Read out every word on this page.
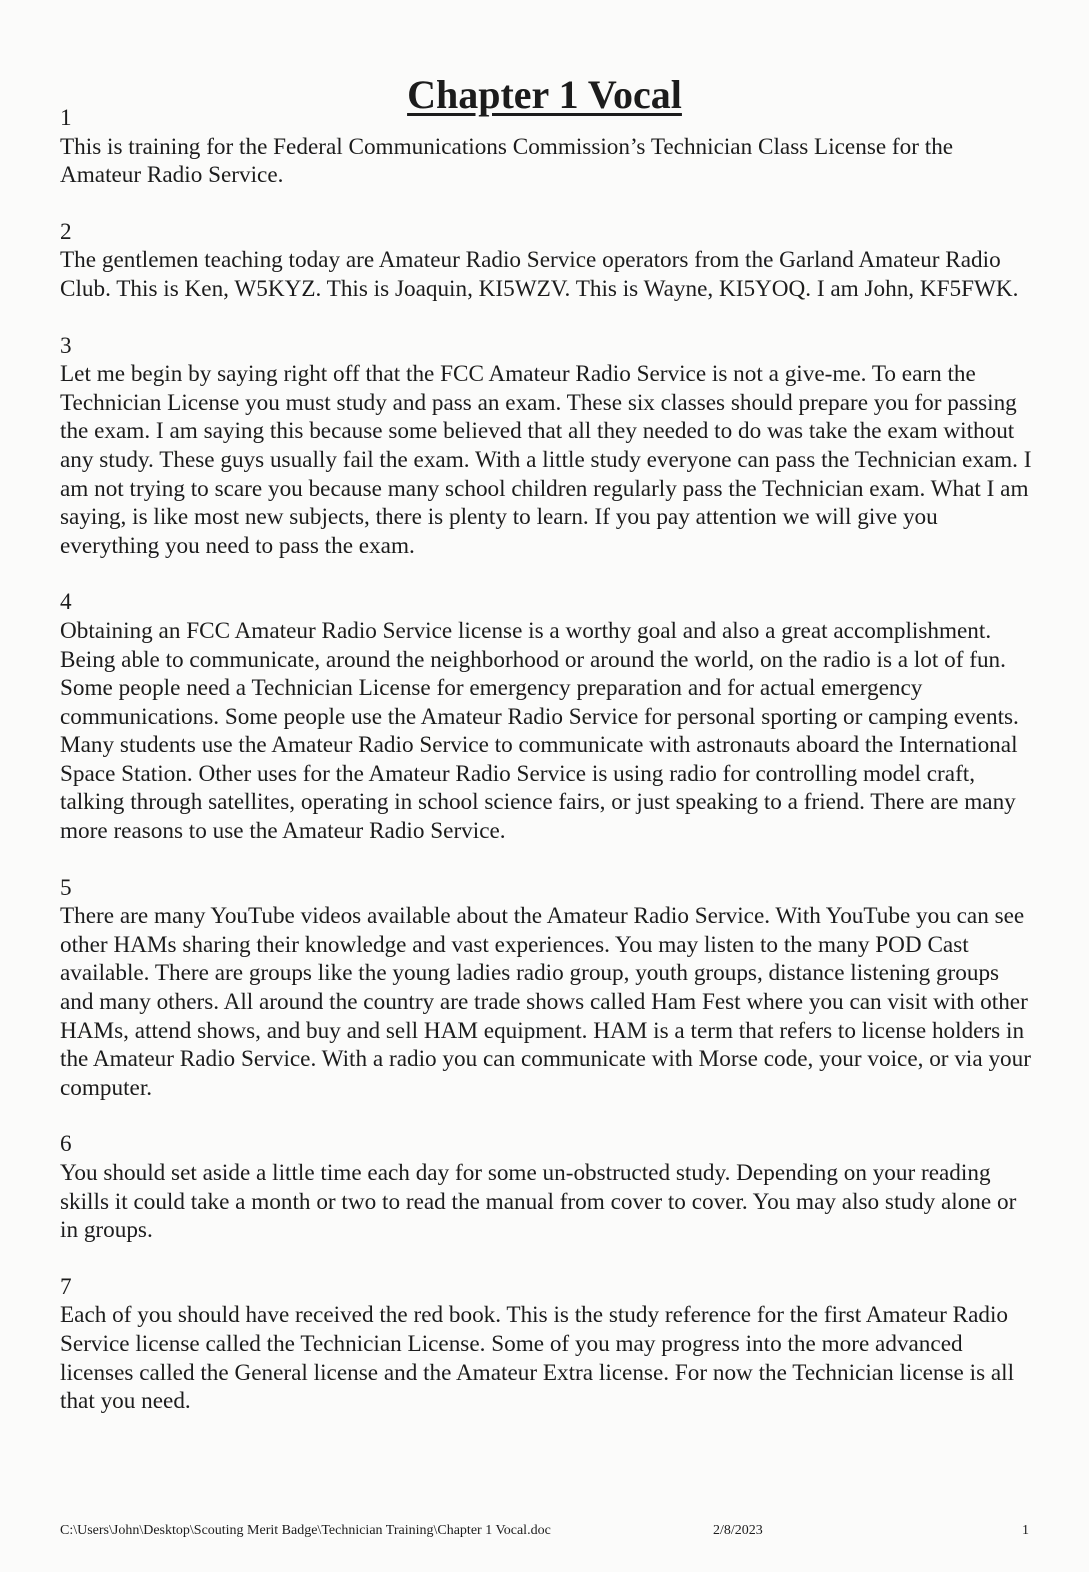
Chapter 1 Vocal

1

This is training for the Federal Communications Commission’s Technician Class License for the Amateur Radio Service.

2

The gentlemen teaching today are Amateur Radio Service operators from the Garland Amateur Radio Club. This is Ken, W5KYZ. This is Joaquin, KI5WZV. This is Wayne, KI5YOQ. I am John, KF5FWK.

3

Let me begin by saying right off that the FCC Amateur Radio Service is not a give-me. To earn the Technician License you must study and pass an exam. These six classes should prepare you for passing the exam. I am saying this because some believed that all they needed to do was take the exam without any study. These guys usually fail the exam. With a little study everyone can pass the Technician exam. I am not trying to scare you because many school children regularly pass the Technician exam. What I am saying, is like most new subjects, there is plenty to learn. If you pay attention we will give you everything you need to pass the exam.

4

Obtaining an FCC Amateur Radio Service license is a worthy goal and also a great accomplishment. Being able to communicate, around the neighborhood or around the world, on the radio is a lot of fun. Some people need a Technician License for emergency preparation and for actual emergency communications. Some people use the Amateur Radio Service for personal sporting or camping events. Many students use the Amateur Radio Service to communicate with astronauts aboard the International Space Station. Other uses for the Amateur Radio Service is using radio for controlling model craft, talking through satellites, operating in school science fairs, or just speaking to a friend. There are many more reasons to use the Amateur Radio Service.

5

There are many YouTube videos available about the Amateur Radio Service. With YouTube you can see other HAMs sharing their knowledge and vast experiences. You may listen to the many POD Cast available. There are groups like the young ladies radio group, youth groups, distance listening groups and many others. All around the country are trade shows called Ham Fest where you can visit with other HAMs, attend shows, and buy and sell HAM equipment. HAM is a term that refers to license holders in the Amateur Radio Service. With a radio you can communicate with Morse code, your voice, or via your computer.

6

You should set aside a little time each day for some un-obstructed study. Depending on your reading skills it could take a month or two to read the manual from cover to cover. You may also study alone or in groups.

7

Each of you should have received the red book. This is the study reference for the first Amateur Radio Service license called the Technician License. Some of you may progress into the more advanced licenses called the General license and the Amateur Extra license. For now the Technician license is all that you need.

C:\Users\John\Desktop\Scouting Merit Badge\Technician Training\Chapter 1 Vocal.doc	2/8/2023	1
